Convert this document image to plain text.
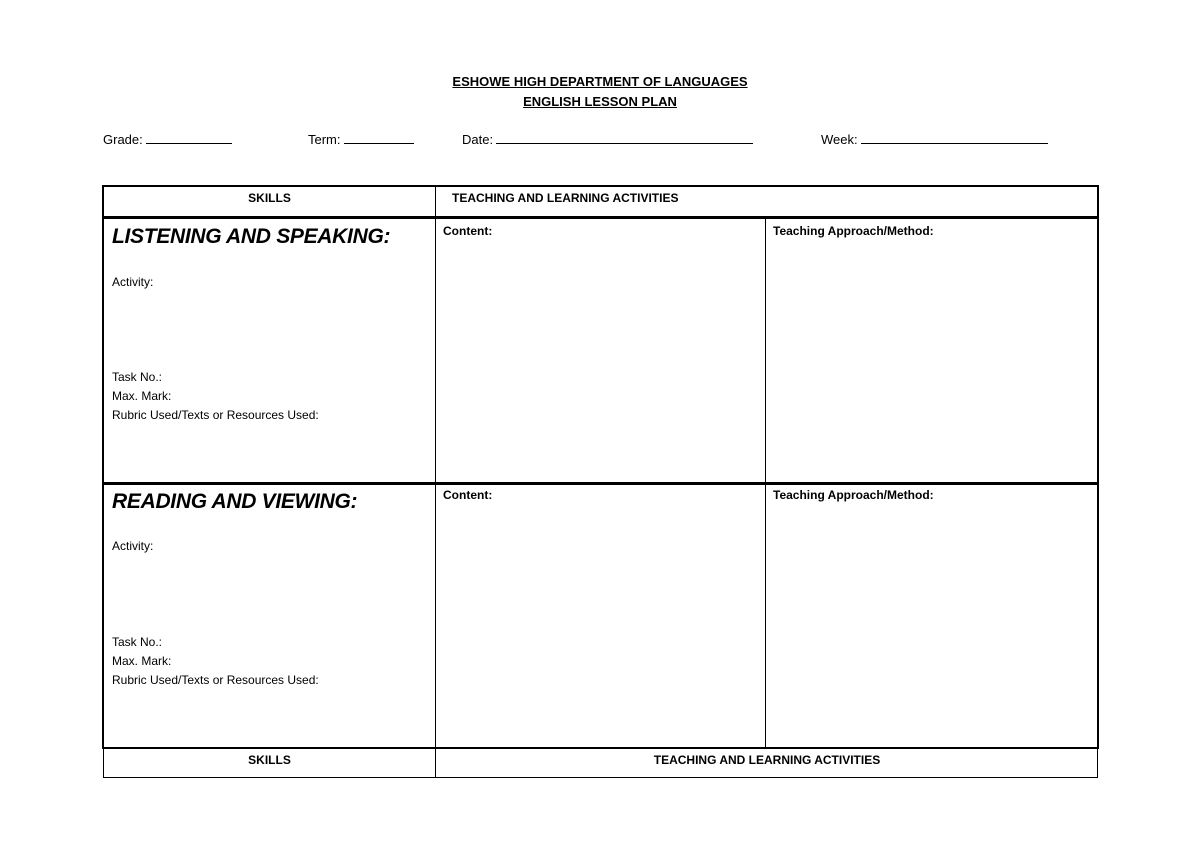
ESHOWE HIGH DEPARTMENT OF LANGUAGES
ENGLISH LESSON PLAN
Grade:	Term:	Date:	Week:
SKILLS	TEACHING AND LEARNING ACTIVITIES
LISTENING AND SPEAKING:
Activity:
Task No.:
Max. Mark:
Rubric Used/Texts or Resources Used:
Content:	Teaching Approach/Method:
READING AND VIEWING:
Activity:
Task No.:
Max. Mark:
Rubric Used/Texts or Resources Used:
Content:	Teaching Approach/Method:
SKILLS	TEACHING AND LEARNING ACTIVITIES
